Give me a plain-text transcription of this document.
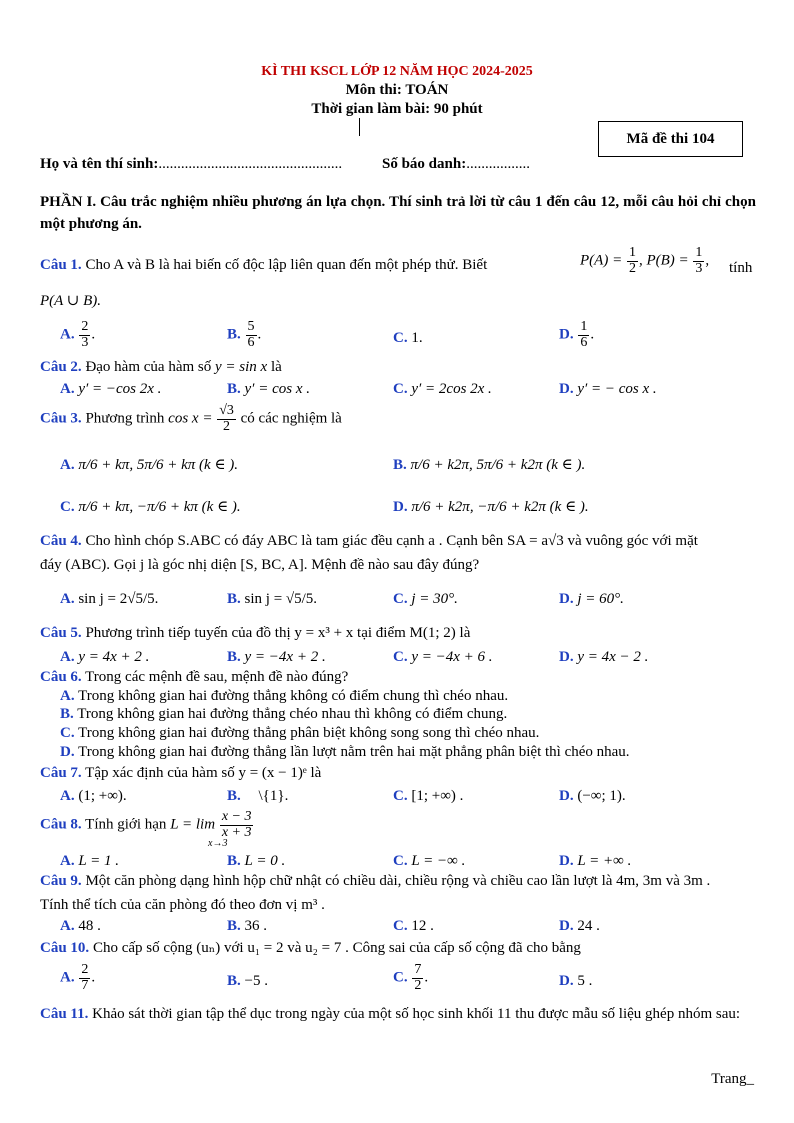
KÌ THI KSCL LỚP 12 NĂM HỌC 2024-2025
Môn thi: TOÁN
Thời gian làm bài: 90 phút
Mã đề thi 104
Họ và tên thí sinh:.................................................	Số báo danh:.................
PHẦN I. Câu trắc nghiệm nhiều phương án lựa chọn. Thí sinh trả lời từ câu 1 đến câu 12, mỗi câu hỏi chỉ chọn một phương án.
Câu 1. Cho A và B là hai biến cố độc lập liên quan đến một phép thử. Biết	$P(A) = \frac{1}{2}$ , $P(B) = \frac{1}{3}$ , tính
P(A ∪ B).
A. $\frac{2}{3}$ .	B. $\frac{5}{6}$ .	C. 1.	D. $\frac{1}{6}$ .
Câu 2. Đạo hàm của hàm số y = sin x là
A. y′ = −cos 2x .	B. y′ = cos x .	C. y′ = 2cos 2x .	D. y′ = − cos x .
Câu 3. Phương trình $\cos x = \frac{√3}{2}$ có các nghiệm là
A. π/6 + kπ, 5π/6 + kπ (k ∈ ).	B. π/6 + k2π, 5π/6 + k2π (k ∈ ).
C. π/6 + kπ, −π/6 + kπ (k ∈ ).	D. π/6 + k2π, −π/6 + k2π (k ∈ ).
Câu 4. Cho hình chóp S.ABC có đáy ABC là tam giác đều cạnh a . Cạnh bên SA = a√3 và vuông góc với mặt
đáy (ABC). Gọi j là góc nhị diện [S, BC, A]. Mệnh đề nào sau đây đúng?
A. sin j = 2√5/5.	B. sin j = √5/5.	C. j = 30°.	D. j = 60°.
Câu 5. Phương trình tiếp tuyến của đồ thị y = x³ + x tại điểm M(1; 2) là
A. y = 4x + 2 .	B. y = −4x + 2 .	C. y = −4x + 6 .	D. y = 4x − 2 .
Câu 6. Trong các mệnh đề sau, mệnh đề nào đúng?
A. Trong không gian hai đường thẳng không có điểm chung thì chéo nhau.
B. Trong không gian hai đường thẳng chéo nhau thì không có điểm chung.
C. Trong không gian hai đường thẳng phân biệt không song song thì chéo nhau.
D. Trong không gian hai đường thẳng lần lượt nằm trên hai mặt phẳng phân biệt thì chéo nhau.
Câu 7. Tập xác định của hàm số y = (x − 1)ᵉ là
A. (1; +∞).	B. \{1}.	C. [1; +∞) .	D. (−∞; 1).
Câu 8. Tính giới hạn $L = \lim \frac{x - 3}{x + 3}$
x→3
A. L = 1 .	B. L = 0 .	C. L = −∞ .	D. L = +∞ .
Câu 9. Một căn phòng dạng hình hộp chữ nhật có chiều dài, chiều rộng và chiều cao lần lượt là 4m, 3m và 3m .
Tính thể tích của căn phòng đó theo đơn vị m³ .
A. 48 .	B. 36 .	C. 12 .	D. 24 .
Câu 10. Cho cấp số cộng (uₙ) với u₁ = 2 và u₂ = 7 . Công sai của cấp số cộng đã cho bằng
A. $\frac{2}{7}$ .	B. −5 .	C. $\frac{7}{2}$ .	D. 5 .
Câu 11. Khảo sát thời gian tập thể dục trong ngày của một số học sinh khối 11 thu được mẫu số liệu ghép nhóm sau:
Trang_
